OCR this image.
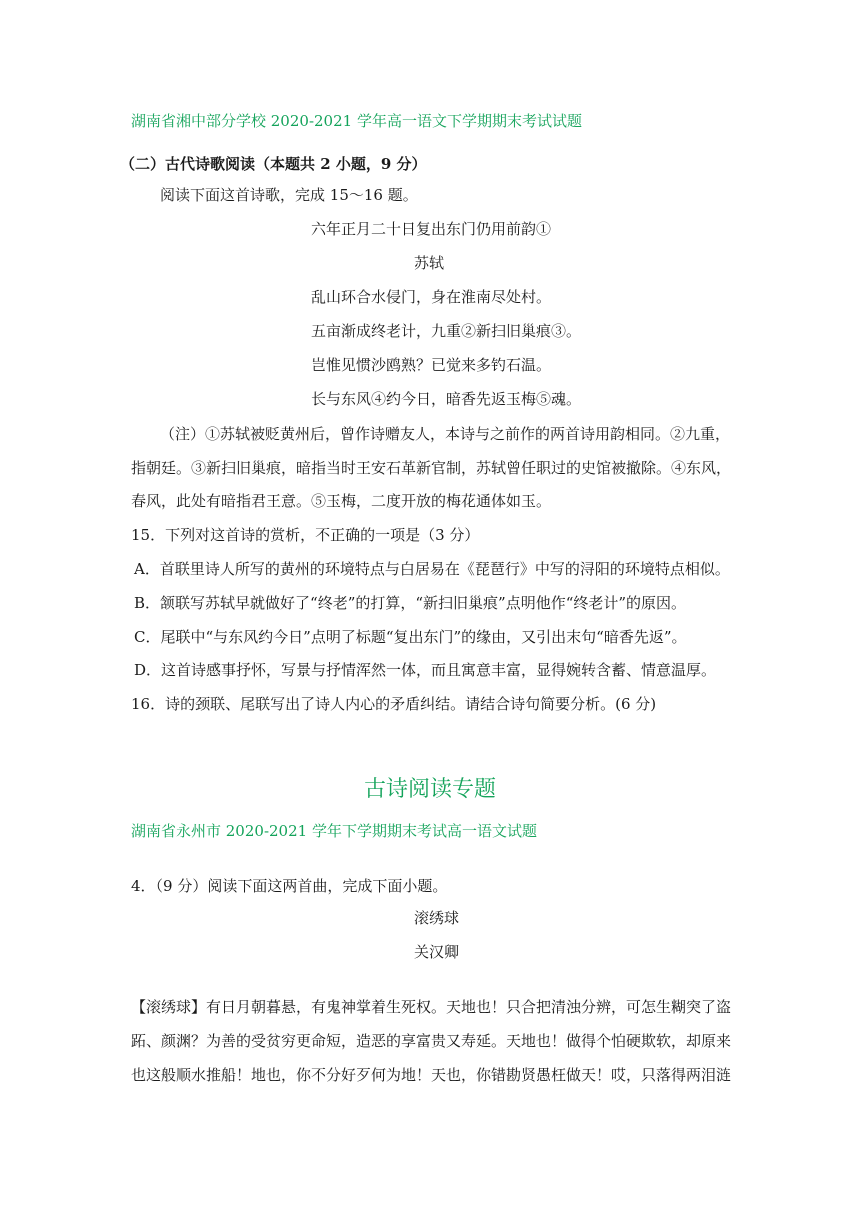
湖南省湘中部分学校 2020-2021 学年高一语文下学期期末考试试题
（二）古代诗歌阅读（本题共 2 小题，9 分）
阅读下面这首诗歌，完成 15～16 题。
六年正月二十日复出东门仍用前韵①
苏轼
乱山环合水侵门，身在淮南尽处村。
五亩渐成终老计，九重②新扫旧巢痕③。
岂惟见惯沙鸥熟？已觉来多钓石温。
长与东风④约今日，暗香先返玉梅⑤魂。
（注）①苏轼被贬黄州后，曾作诗赠友人，本诗与之前作的两首诗用韵相同。②九重，
指朝廷。③新扫旧巢痕，暗指当时王安石革新官制，苏轼曾任职过的史馆被撤除。④东风，
春风，此处有暗指君王意。⑤玉梅，二度开放的梅花通体如玉。
15．下列对这首诗的赏析，不正确的一项是（3 分）
A．首联里诗人所写的黄州的环境特点与白居易在《琵琶行》中写的浔阳的环境特点相似。
B．颔联写苏轼早就做好了“终老”的打算，“新扫旧巢痕”点明他作“终老计”的原因。
C．尾联中“与东风约今日”点明了标题“复出东门”的缘由，又引出末句“暗香先返”。
D．这首诗感事抒怀，写景与抒情浑然一体，而且寓意丰富，显得婉转含蓄、情意温厚。
16．诗的颈联、尾联写出了诗人内心的矛盾纠结。请结合诗句简要分析。(6 分)
古诗阅读专题
湖南省永州市 2020-2021 学年下学期期末考试高一语文试题
4．（9 分）阅读下面这两首曲，完成下面小题。
滚绣球
关汉卿
【滚绣球】有日月朝暮悬，有鬼神掌着生死权。天地也！只合把清浊分辨，可怎生糊突了盗
跖、颜渊？为善的受贫穷更命短，造恶的享富贵又寿延。天地也！做得个怕硬欺软，却原来
也这般顺水推船！地也，你不分好歹何为地！天也，你错勘贤愚枉做天！哎，只落得两泪涟
